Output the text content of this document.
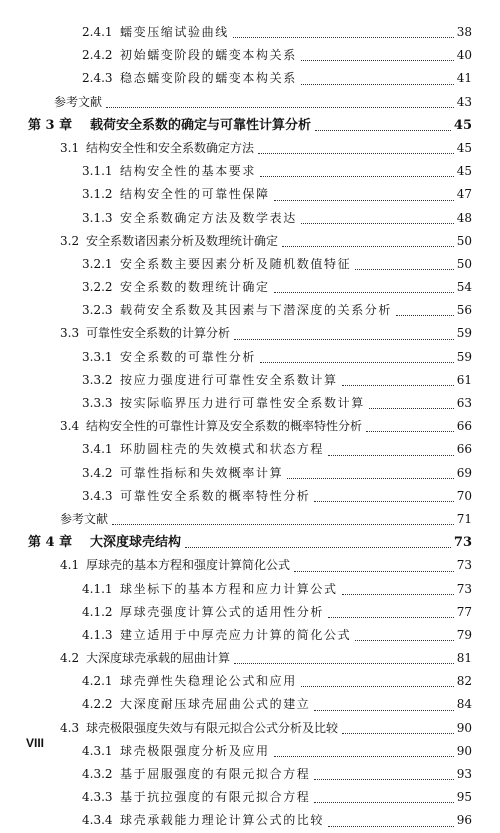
2.4.1 蠕变压缩试验曲线	38
2.4.2 初始蠕变阶段的蠕变本构关系	40
2.4.3 稳态蠕变阶段的蠕变本构关系	41
参考文献	43
第 3 章 载荷安全系数的确定与可靠性计算分析	45
3.1 结构安全性和安全系数确定方法	45
3.1.1 结构安全性的基本要求	45
3.1.2 结构安全性的可靠性保障	47
3.1.3 安全系数确定方法及数学表达	48
3.2 安全系数诸因素分析及数理统计确定	50
3.2.1 安全系数主要因素分析及随机数值特征	50
3.2.2 安全系数的数理统计确定	54
3.2.3 载荷安全系数及其因素与下潜深度的关系分析	56
3.3 可靠性安全系数的计算分析	59
3.3.1 安全系数的可靠性分析	59
3.3.2 按应力强度进行可靠性安全系数计算	61
3.3.3 按实际临界压力进行可靠性安全系数计算	63
3.4 结构安全性的可靠性计算及安全系数的概率特性分析	66
3.4.1 环肋圆柱壳的失效模式和状态方程	66
3.4.2 可靠性指标和失效概率计算	69
3.4.3 可靠性安全系数的概率特性分析	70
参考文献	71
第 4 章 大深度球壳结构	73
4.1 厚球壳的基本方程和强度计算简化公式	73
4.1.1 球坐标下的基本方程和应力计算公式	73
4.1.2 厚球壳强度计算公式的适用性分析	77
4.1.3 建立适用于中厚壳应力计算的简化公式	79
4.2 大深度球壳承载的屈曲计算	81
4.2.1 球壳弹性失稳理论公式和应用	82
4.2.2 大深度耐压球壳屈曲公式的建立	84
4.3 球壳极限强度失效与有限元拟合公式分析及比较	90
4.3.1 球壳极限强度分析及应用	90
4.3.2 基于屈服强度的有限元拟合方程	93
4.3.3 基于抗拉强度的有限元拟合方程	95
4.3.4 球壳承载能力理论计算公式的比较	96
VIII
